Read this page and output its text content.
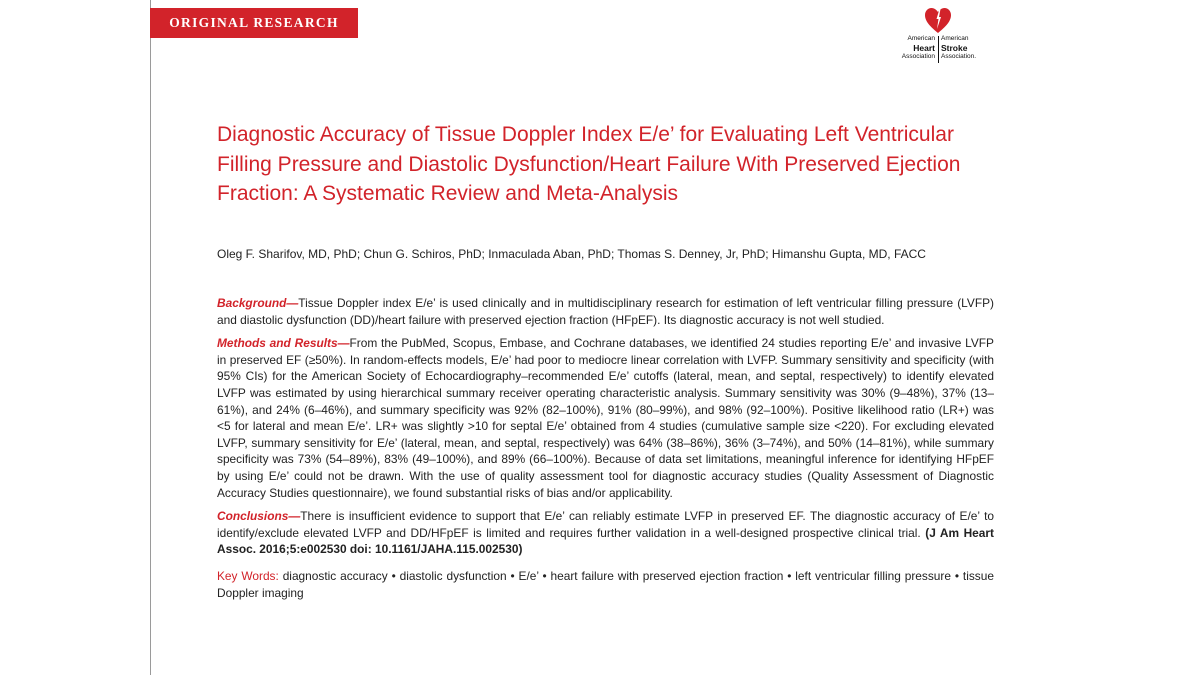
ORIGINAL RESEARCH
American
Heart
Association
American
Stroke
Association.
Diagnostic Accuracy of Tissue Doppler Index E/e’ for Evaluating Left Ventricular Filling Pressure and Diastolic Dysfunction/Heart Failure With Preserved Ejection Fraction: A Systematic Review and Meta-Analysis

Oleg F. Sharifov, MD, PhD; Chun G. Schiros, PhD; Inmaculada Aban, PhD; Thomas S. Denney, Jr, PhD; Himanshu Gupta, MD, FACC

Background—Tissue Doppler index E/e’ is used clinically and in multidisciplinary research for estimation of left ventricular filling pressure (LVFP) and diastolic dysfunction (DD)/heart failure with preserved ejection fraction (HFpEF). Its diagnostic accuracy is not well studied.

Methods and Results—From the PubMed, Scopus, Embase, and Cochrane databases, we identified 24 studies reporting E/e’ and invasive LVFP in preserved EF (≥50%). In random-effects models, E/e’ had poor to mediocre linear correlation with LVFP. Summary sensitivity and specificity (with 95% CIs) for the American Society of Echocardiography–recommended E/e’ cutoffs (lateral, mean, and septal, respectively) to identify elevated LVFP was estimated by using hierarchical summary receiver operating characteristic analysis. Summary sensitivity was 30% (9–48%), 37% (13–61%), and 24% (6–46%), and summary specificity was 92% (82–100%), 91% (80–99%), and 98% (92–100%). Positive likelihood ratio (LR+) was <5 for lateral and mean E/e’. LR+ was slightly >10 for septal E/e’ obtained from 4 studies (cumulative sample size <220). For excluding elevated LVFP, summary sensitivity for E/e’ (lateral, mean, and septal, respectively) was 64% (38–86%), 36% (3–74%), and 50% (14–81%), while summary specificity was 73% (54–89%), 83% (49–100%), and 89% (66–100%). Because of data set limitations, meaningful inference for identifying HFpEF by using E/e’ could not be drawn. With the use of quality assessment tool for diagnostic accuracy studies (Quality Assessment of Diagnostic Accuracy Studies questionnaire), we found substantial risks of bias and/or applicability.

Conclusions—There is insufficient evidence to support that E/e’ can reliably estimate LVFP in preserved EF. The diagnostic accuracy of E/e’ to identify/exclude elevated LVFP and DD/HFpEF is limited and requires further validation in a well-designed prospective clinical trial. (J Am Heart Assoc. 2016;5:e002530 doi: 10.1161/JAHA.115.002530)

Key Words: diagnostic accuracy • diastolic dysfunction • E/e’ • heart failure with preserved ejection fraction • left ventricular filling pressure • tissue Doppler imaging
